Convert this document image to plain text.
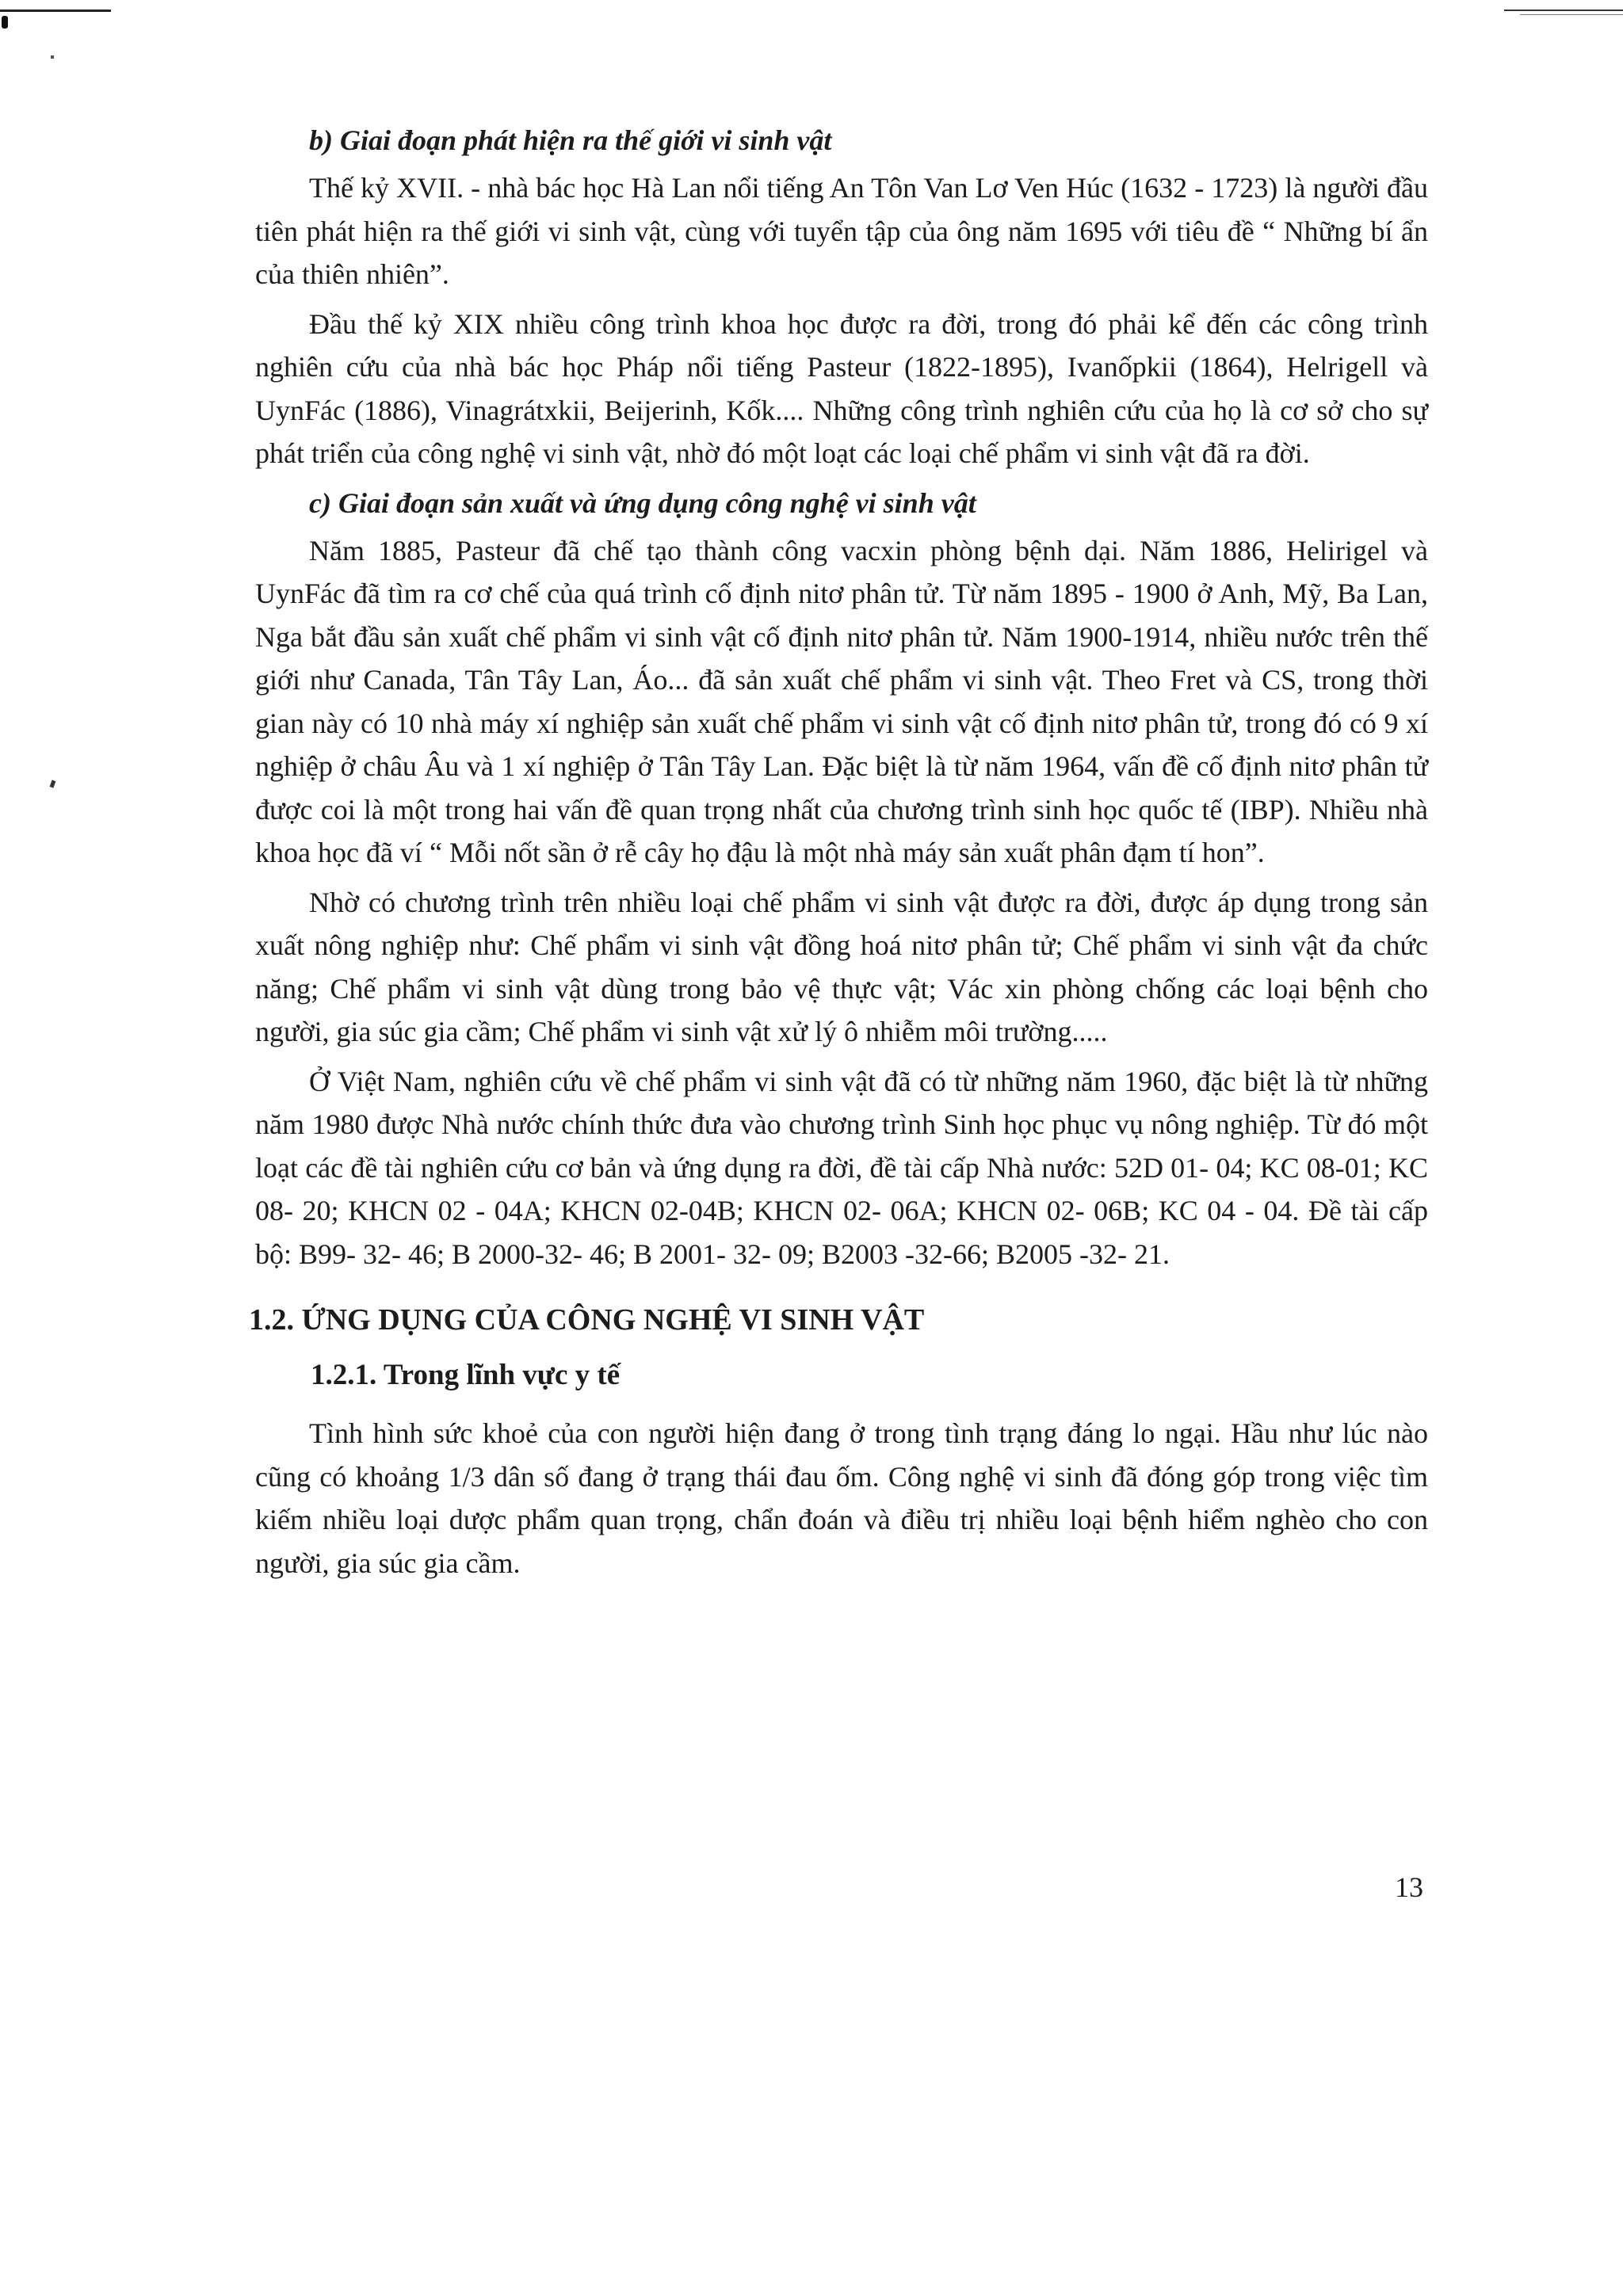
b) Giai đoạn phát hiện ra thế giới vi sinh vật

Thế kỷ XVII. - nhà bác học Hà Lan nổi tiếng An Tôn Van Lơ Ven Húc (1632 - 1723) là người đầu tiên phát hiện ra thế giới vi sinh vật, cùng với tuyển tập của ông năm 1695 với tiêu đề “ Những bí ẩn của thiên nhiên”.

Đầu thế kỷ XIX nhiều công trình khoa học được ra đời, trong đó phải kể đến các công trình nghiên cứu của nhà bác học Pháp nổi tiếng Pasteur (1822-1895), Ivanốpkii (1864), Helrigell và UynFác (1886), Vinagrátxkii, Beijerinh, Kốk.... Những công trình nghiên cứu của họ là cơ sở cho sự phát triển của công nghệ vi sinh vật, nhờ đó một loạt các loại chế phẩm vi sinh vật đã ra đời.

c) Giai đoạn sản xuất và ứng dụng công nghệ vi sinh vật

Năm 1885, Pasteur đã chế tạo thành công vacxin phòng bệnh dại. Năm 1886, Helirigel và UynFác đã tìm ra cơ chế của quá trình cố định nitơ phân tử. Từ năm 1895 - 1900 ở Anh, Mỹ, Ba Lan, Nga bắt đầu sản xuất chế phẩm vi sinh vật cố định nitơ phân tử. Năm 1900-1914, nhiều nước trên thế giới như Canada, Tân Tây Lan, Áo... đã sản xuất chế phẩm vi sinh vật. Theo Fret và CS, trong thời gian này có 10 nhà máy xí nghiệp sản xuất chế phẩm vi sinh vật cố định nitơ phân tử, trong đó có 9 xí nghiệp ở châu Âu và 1 xí nghiệp ở Tân Tây Lan. Đặc biệt là từ năm 1964, vấn đề cố định nitơ phân tử được coi là một trong hai vấn đề quan trọng nhất của chương trình sinh học quốc tế (IBP). Nhiều nhà khoa học đã ví “ Mỗi nốt sần ở rễ cây họ đậu là một nhà máy sản xuất phân đạm tí hon”.

Nhờ có chương trình trên nhiều loại chế phẩm vi sinh vật được ra đời, được áp dụng trong sản xuất nông nghiệp như: Chế phẩm vi sinh vật đồng hoá nitơ phân tử; Chế phẩm vi sinh vật đa chức năng; Chế phẩm vi sinh vật dùng trong bảo vệ thực vật; Vác xin phòng chống các loại bệnh cho người, gia súc gia cầm; Chế phẩm vi sinh vật xử lý ô nhiễm môi trường.....

Ở Việt Nam, nghiên cứu về chế phẩm vi sinh vật đã có từ những năm 1960, đặc biệt là từ những năm 1980 được Nhà nước chính thức đưa vào chương trình Sinh học phục vụ nông nghiệp. Từ đó một loạt các đề tài nghiên cứu cơ bản và ứng dụng ra đời, đề tài cấp Nhà nước: 52D 01- 04; KC 08-01; KC 08- 20; KHCN 02 - 04A; KHCN 02-04B; KHCN 02- 06A; KHCN 02- 06B; KC 04 - 04. Đề tài cấp bộ: B99- 32- 46; B 2000-32- 46; B 2001- 32- 09; B2003 -32-66; B2005 -32- 21.

1.2. ỨNG DỤNG CỦA CÔNG NGHỆ VI SINH VẬT
1.2.1. Trong lĩnh vực y tế

Tình hình sức khoẻ của con người hiện đang ở trong tình trạng đáng lo ngại. Hầu như lúc nào cũng có khoảng 1/3 dân số đang ở trạng thái đau ốm. Công nghệ vi sinh đã đóng góp trong việc tìm kiếm nhiều loại dược phẩm quan trọng, chẩn đoán và điều trị nhiều loại bệnh hiểm nghèo cho con người, gia súc gia cầm.

13
